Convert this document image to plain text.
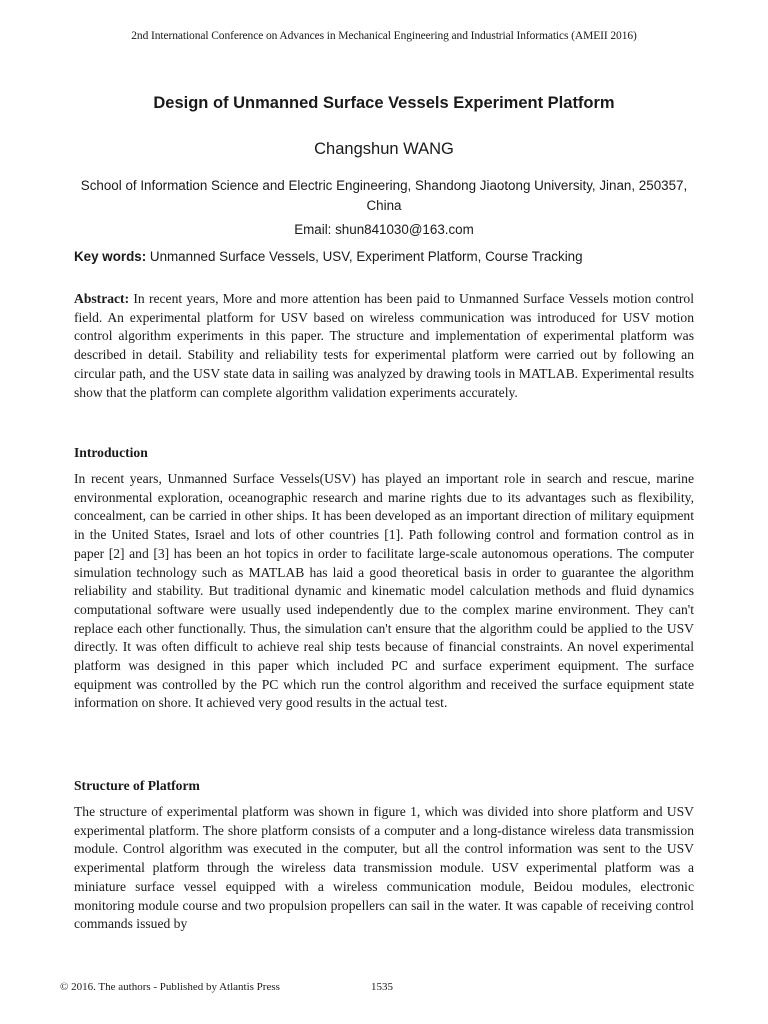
2nd International Conference on Advances in Mechanical Engineering and Industrial Informatics (AMEII 2016)
Design of Unmanned Surface Vessels Experiment Platform
Changshun WANG
School of Information Science and Electric Engineering, Shandong Jiaotong University, Jinan, 250357, China
Email: shun841030@163.com
Key words: Unmanned Surface Vessels, USV, Experiment Platform, Course Tracking
Abstract: In recent years, More and more attention has been paid to Unmanned Surface Vessels motion control field. An experimental platform for USV based on wireless communication was introduced for USV motion control algorithm experiments in this paper. The structure and implementation of experimental platform was described in detail. Stability and reliability tests for experimental platform were carried out by following an circular path, and the USV state data in sailing was analyzed by drawing tools in MATLAB. Experimental results show that the platform can complete algorithm validation experiments accurately.
Introduction
In recent years, Unmanned Surface Vessels(USV) has played an important role in search and rescue, marine environmental exploration, oceanographic research and marine rights due to its advantages such as flexibility, concealment, can be carried in other ships. It has been developed as an important direction of military equipment in the United States, Israel and lots of other countries [1]. Path following control and formation control as in paper [2] and [3] has been an hot topics in order to facilitate large-scale autonomous operations. The computer simulation technology such as MATLAB has laid a good theoretical basis in order to guarantee the algorithm reliability and stability. But traditional dynamic and kinematic model calculation methods and fluid dynamics computational software were usually used independently due to the complex marine environment. They can't replace each other functionally. Thus, the simulation can't ensure that the algorithm could be applied to the USV directly. It was often difficult to achieve real ship tests because of financial constraints. An novel experimental platform was designed in this paper which included PC and surface experiment equipment. The surface equipment was controlled by the PC which run the control algorithm and received the surface equipment state information on shore. It achieved very good results in the actual test.
Structure of Platform
The structure of experimental platform was shown in figure 1, which was divided into shore platform and USV experimental platform. The shore platform consists of a computer and a long-distance wireless data transmission module. Control algorithm was executed in the computer, but all the control information was sent to the USV experimental platform through the wireless data transmission module. USV experimental platform was a miniature surface vessel equipped with a wireless communication module, Beidou modules, electronic monitoring module course and two propulsion propellers can sail in the water. It was capable of receiving control commands issued by
© 2016. The authors - Published by Atlantis Press	1535
